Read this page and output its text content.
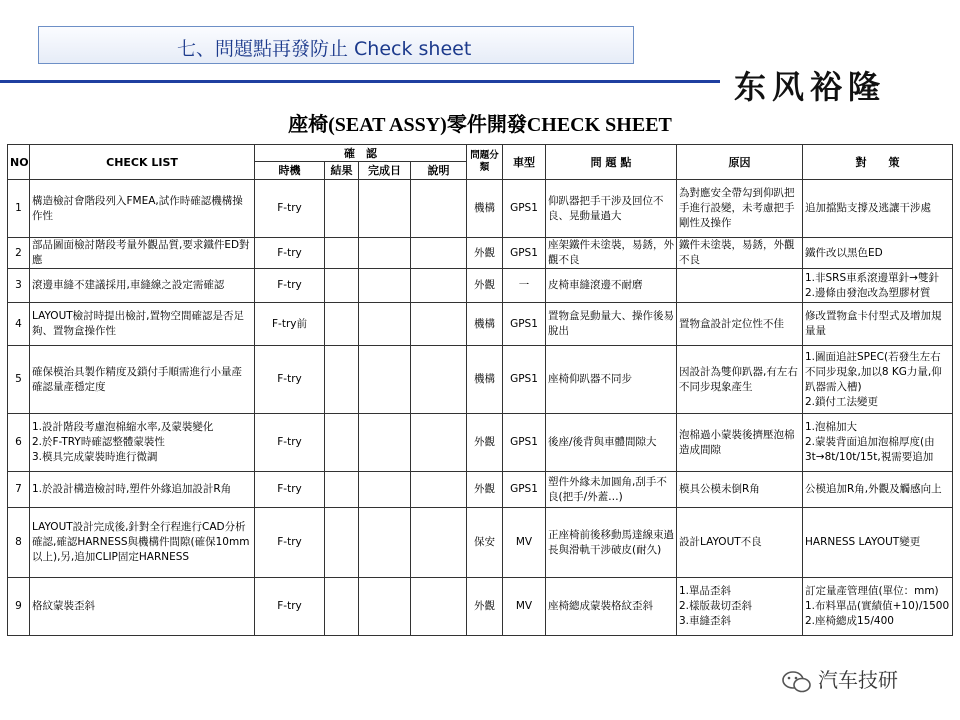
七、問題點再發防止 Check sheet
东风裕隆
座椅(SEAT ASSY)零件開發CHECK SHEET
NO	CHECK LIST	確　認				問題分類	車型	問 題 點	原因	對　　策
		時機	結果	完成日	說明					
1	構造檢討會階段列入FMEA,試作時確認機構操作性	F-try				機構	GPS1	仰趴器把手干涉及回位不良、晃動量過大	為對應安全帶勾到仰趴把手進行設變，未考慮把手剛性及操作	追加擋點支撐及逃讓干涉處
2	部品圖面檢討階段考量外觀品質,要求鐵件ED對應	F-try				外觀	GPS1	座架鐵件未塗裝，易銹，外觀不良	鐵件未塗裝，易銹，外觀不良	鐵件改以黑色ED
3	滾邊車縫不建議採用,車縫線之設定需確認	F-try				外觀	一	皮椅車縫滾邊不耐磨		1.非SRS車系滾邊單針→雙針
2.邊條由發泡改為塑膠材質
4	LAYOUT檢討時提出檢討,置物空間確認是否足夠、置物盒操作性	F-try前				機構	GPS1	置物盒晃動量大、操作後易脫出	置物盒設計定位性不佳	修改置物盒卡付型式及增加規量量
5	確保模治具製作精度及鎖付手順需進行小量產確認量產穩定度	F-try				機構	GPS1	座椅仰趴器不同步	因設計為雙仰趴器,有左右不同步現象產生	1.圖面追註SPEC(若發生左右不同步現象,加以8 KG力量,仰趴器需入槽)
2.鎖付工法變更
6	1.設計階段考慮泡棉縮水率,及蒙裝變化
2.於F-TRY時確認整體蒙裝性
3.模具完成蒙裝時進行微調	F-try				外觀	GPS1	後座/後背與車體間隙大	泡棉過小蒙裝後擠壓泡棉造成間隙	1.泡棉加大
2.蒙裝背面追加泡棉厚度(由3t→8t/10t/15t,視需要追加
7	1.於設計構造檢討時,塑件外緣追加設計R角	F-try				外觀	GPS1	塑件外緣未加圓角,刮手不良(把手/外蓋…)	模具公模未倒R角	公模追加R角,外觀及觸感向上
8	LAYOUT設計完成後,針對全行程進行CAD分析確認,確認HARNESS與機構件間隙(確保10mm以上),另,追加CLIP固定HARNESS	F-try				保安	MV	正座椅前後移動馬達線束過長與滑軌干涉破皮(耐久)	設計LAYOUT不良	HARNESS LAYOUT變更
9	格紋蒙裝歪斜	F-try				外觀	MV	座椅總成蒙裝格紋歪斜	1.單品歪斜
2.樣版裁切歪斜
3.車縫歪斜	訂定量產管理值(單位：mm)
1.布料單品(實績值+10)/1500
2.座椅總成15/400
汽车技研
